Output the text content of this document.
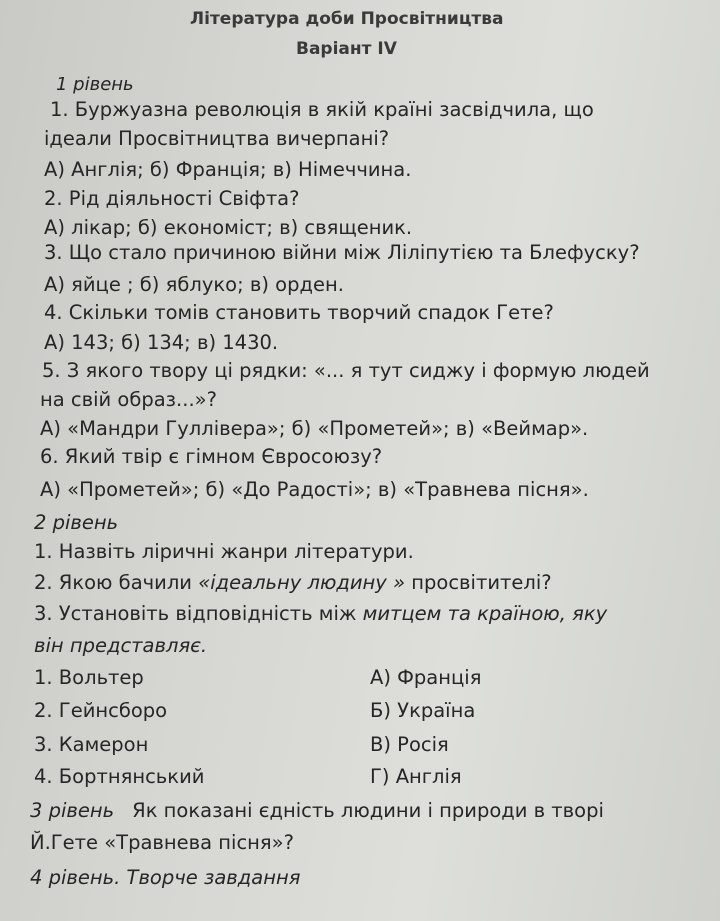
Література доби Просвітництва
Варіант IV
1 рівень
1. Буржуазна революція в якій країні засвідчила, що
ідеали Просвітництва вичерпані?
А) Англія; б) Франція; в) Німеччина.
2. Рід діяльності Свіфта?
А) лікар; б) економіст; в) священик.
3. Що стало причиною війни між Ліліпутією та Блефуску?
А) яйце ; б) яблуко; в) орден.
4. Скільки томів становить творчий спадок Гете?
А) 143; б) 134; в) 1430.
5. З якого твору ці рядки: «... я тут сиджу і формую людей
на свій образ...»?
А) «Мандри Гуллівера»; б) «Прометей»; в) «Веймар».
6. Який твір є гімном Євросоюзу?
А) «Прометей»; б) «До Радості»; в) «Травнева пісня».
2 рівень
1. Назвіть ліричні жанри літератури.
2. Якою бачили «ідеальну людину » просвітителі?
3. Установіть відповідність між митцем та країною, яку
він представляє.
1. Вольтер	А) Франція
2. Гейнсборо	Б) Україна
3. Камерон	В) Росія
4. Бортнянський	Г) Англія
3 рівень Як показані єдність людини і природи в творі
Й.Гете «Травнева пісня»?
4 рівень. Творче завдання
